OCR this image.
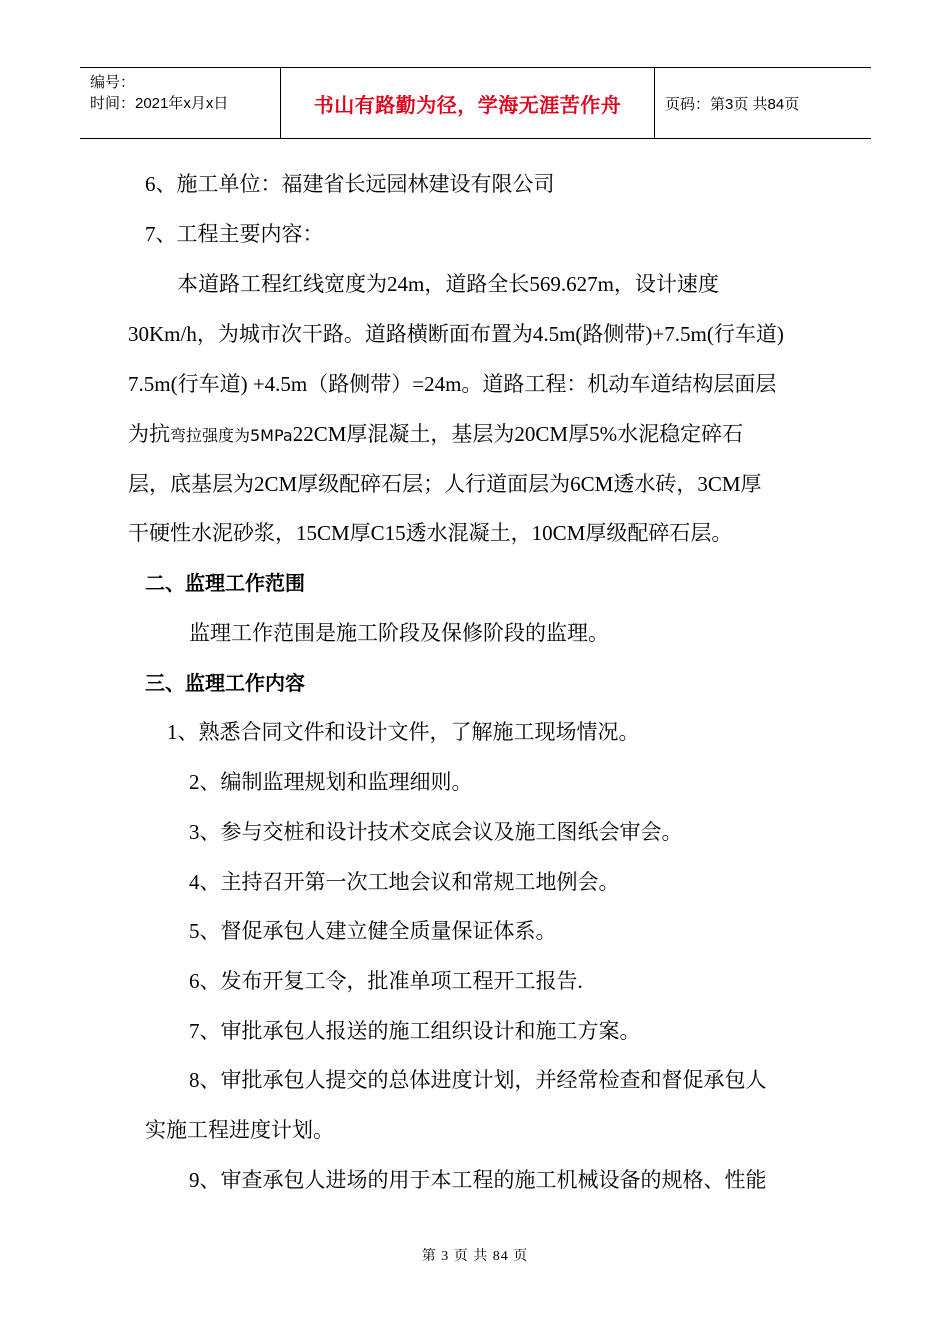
编号：
时间：2021年x月x日	书山有路勤为径，学海无涯苦作舟	页码：第3页 共84页
6、施工单位：福建省长远园林建设有限公司
7、工程主要内容：
本道路工程红线宽度为24m，道路全长569.627m，设计速度
30Km/h，为城市次干路。道路横断面布置为4.5m(路侧带)+7.5m(行车道)
7.5m(行车道) +4.5m（路侧带）=24m。道路工程：机动车道结构层面层
为抗弯拉强度为5MPa22CM厚混凝土，基层为20CM厚5%水泥稳定碎石
层，底基层为2CM厚级配碎石层；人行道面层为6CM透水砖，3CM厚
干硬性水泥砂浆，15CM厚C15透水混凝土，10CM厚级配碎石层。
二、监理工作范围
监理工作范围是施工阶段及保修阶段的监理。
三、监理工作内容
1、熟悉合同文件和设计文件，了解施工现场情况。
2、编制监理规划和监理细则。
3、参与交桩和设计技术交底会议及施工图纸会审会。
4、主持召开第一次工地会议和常规工地例会。
5、督促承包人建立健全质量保证体系。
6、发布开复工令，批准单项工程开工报告.
7、审批承包人报送的施工组织设计和施工方案。
8、审批承包人提交的总体进度计划，并经常检查和督促承包人
实施工程进度计划。
9、审查承包人进场的用于本工程的施工机械设备的规格、性能
第 3 页 共 84 页
